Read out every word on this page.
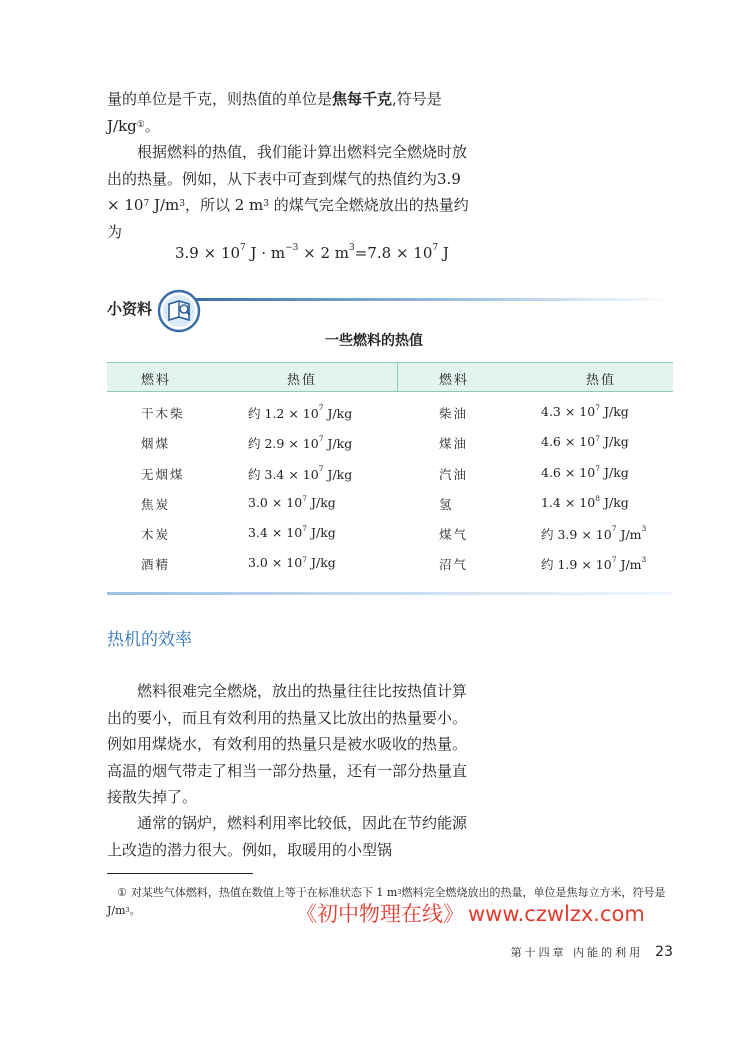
量的单位是千克，则热值的单位是焦每千克,符号是J/kg①。

根据燃料的热值，我们能计算出燃料完全燃烧时放出的热量。例如，从下表中可查到煤气的热值约为$3.9 \times 10^7$ $J/m^3$，所以 2 $m^3$ 的煤气完全燃烧放出的热量约为

$3.9 \times 10^7$ $J \cdot m^{-3} \times 2$ $m^3=7.8 \times 10^7$ J

小资料
一些燃料的热值
燃料	热值	燃料	热值
干木柴	约 $1.2 \times 10^7$ J/kg	柴油	$4.3 \times 10^7$ J/kg
烟煤	约 $2.9 \times 10^7$ J/kg	煤油	$4.6 \times 10^7$ J/kg
无烟煤	约 $3.4 \times 10^7$ J/kg	汽油	$4.6 \times 10^7$ J/kg
焦炭	$3.0 \times 10^7$ J/kg	氢	$1.4 \times 10^8$ J/kg
木炭	$3.4 \times 10^7$ J/kg	煤气	约 $3.9 \times 10^7$ $J/m^3$
酒精	$3.0 \times 10^7$ J/kg	沼气	约 $1.9 \times 10^7$ $J/m^3$
热机的效率

燃料很难完全燃烧，放出的热量往往比按热值计算出的要小，而且有效利用的热量又比放出的热量要小。例如用煤烧水，有效利用的热量只是被水吸收的热量。高温的烟气带走了相当一部分热量，还有一部分热量直接散失掉了。

通常的锅炉，燃料利用率比较低，因此在节约能源上改造的潜力很大。例如，取暖用的小型锅

① 对某些气体燃料，热值在数值上等于在标准状态下 1 $m^3$燃料完全燃烧放出的热量，单位是焦每立方米，符号是$J/m^3$。	《初中物理在线》 www.czwlzx.com
第十四章 内能的利用 23
